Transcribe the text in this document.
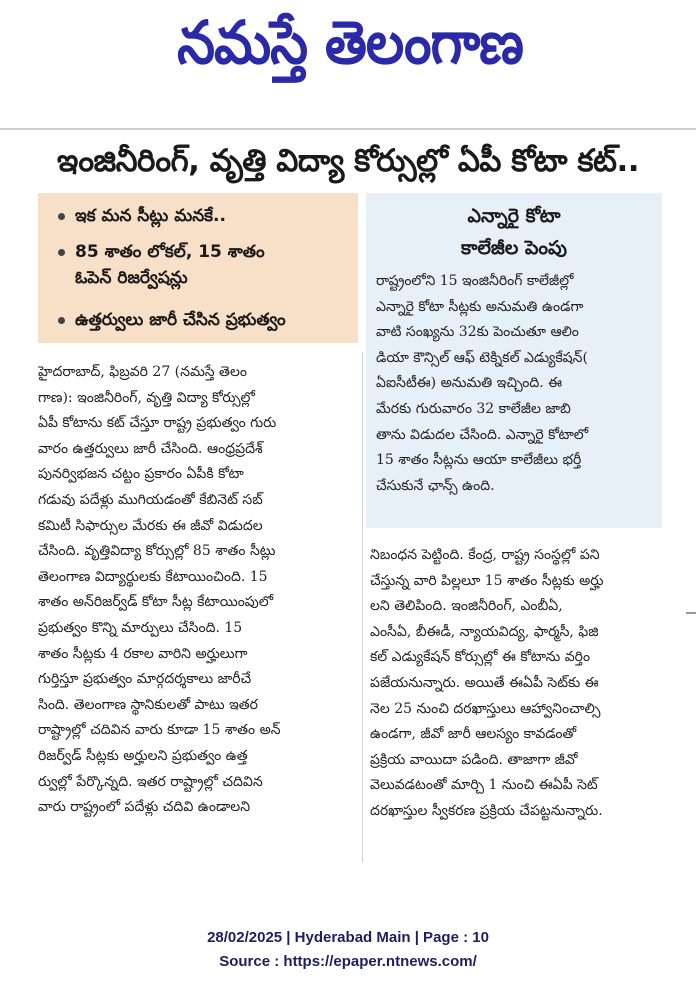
నమస్తే తెలంగాణ
ఇంజినీరింగ్, వృత్తి విద్యా కోర్సుల్లో ఏపీ కోటా కట్..
ఇక మన సీట్లు మనకే..
85 శాతం లోకల్, 15 శాతం
ఓపెన్ రిజర్వేషన్లు
ఉత్తర్వులు జారీ చేసిన ప్రభుత్వం
ఎన్నారై కోటా
కాలేజీల పెంపు
రాష్ట్రంలోని 15 ఇంజినీరింగ్ కాలేజీల్లో
ఎన్నారై కోటా సీట్లకు అనుమతి ఉండగా
వాటి సంఖ్యను 32కు పెంచుతూ ఆలిం
డియా కౌన్సిల్ ఆఫ్ టెక్నికల్ ఎడ్యుకేషన్(
ఏఐసీటీఈ) అనుమతి ఇచ్చింది. ఈ
మేరకు గురువారం 32 కాలేజీల జాబి
తాను విడుదల చేసింది. ఎన్నారై కోటాలో
15 శాతం సీట్లను ఆయా కాలేజీలు భర్తీ
చేసుకునే ఛాన్స్ ఉంది.
హైదరాబాద్, ఫిబ్రవరి 27 (నమస్తే తెలం
గాణ): ఇంజినీరింగ్, వృత్తి విద్యా కోర్సుల్లో
ఏపీ కోటాను కట్ చేస్తూ రాష్ట్ర ప్రభుత్వం గురు
వారం ఉత్తర్వులు జారీ చేసింది. ఆంధ్రప్రదేశ్
పునర్విభజన చట్టం ప్రకారం ఏపీకి కోటా
గడువు పదేళ్లు ముగియడంతో కేబినెట్ సబ్
కమిటీ సిఫార్సుల మేరకు ఈ జీవో విడుదల
చేసింది. వృత్తివిద్యా కోర్సుల్లో 85 శాతం సీట్లు
తెలంగాణ విద్యార్థులకు కేటాయించింది. 15
శాతం అన్‌రిజర్వ్‌డ్ కోటా సీట్ల కేటాయింపులో
ప్రభుత్వం కొన్ని మార్పులు చేసింది. 15
శాతం సీట్లకు 4 రకాల వారిని అర్హులుగా
గుర్తిస్తూ ప్రభుత్వం మార్గదర్శకాలు జారీచే
సింది. తెలంగాణ స్థానికులతో పాటు ఇతర
రాష్ట్రాల్లో చదివిన వారు కూడా 15 శాతం అన్
రిజర్వ్‌డ్ సీట్లకు అర్హులని ప్రభుత్వం ఉత్త
ర్వుల్లో పేర్కొన్నది. ఇతర రాష్ట్రాల్లో చదివిన
వారు రాష్ట్రంలో పదేళ్లు చదివి ఉండాలని
నిబంధన పెట్టింది. కేంద్ర, రాష్ట్ర సంస్థల్లో పని
చేస్తున్న వారి పిల్లలూ 15 శాతం సీట్లకు అర్హు
లని తెలిపింది. ఇంజినీరింగ్, ఎంబీఏ,
ఎంసీఏ, బీఈడీ, న్యాయవిద్య, ఫార్మసీ, ఫిజి
కల్ ఎడ్యుకేషన్ కోర్సుల్లో ఈ కోటాను వర్తిం
పజేయనున్నారు. అయితే ఈఏపీ సెట్‌కు ఈ
నెల 25 నుంచి దరఖాస్తులు ఆహ్వానించాల్సి
ఉండగా, జీవో జారీ ఆలస్యం కావడంతో
ప్రక్రియ వాయిదా పడింది. తాజాగా జీవో
వెలువడటంతో మార్చి 1 నుంచి ఈఏపీ సెట్
దరఖాస్తుల స్వీకరణ ప్రక్రియ చేపట్టనున్నారు.
28/02/2025 | Hyderabad Main | Page : 10
Source : https://epaper.ntnews.com/
